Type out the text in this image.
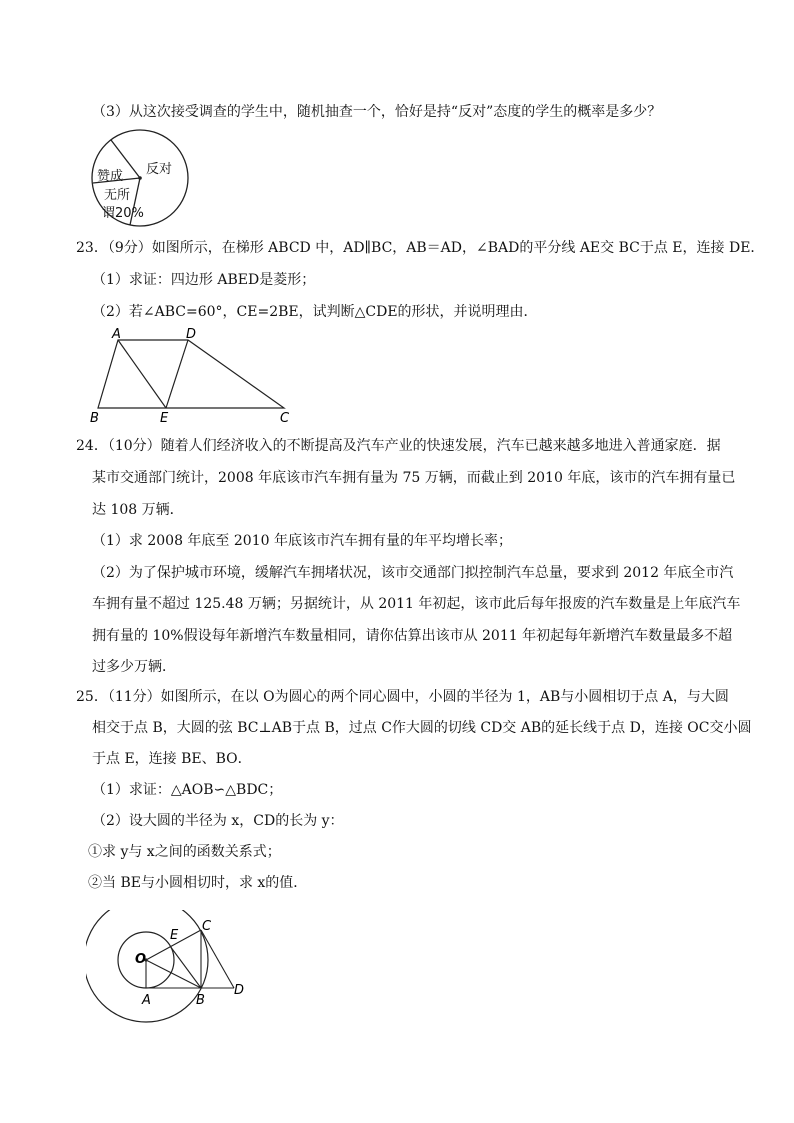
（3）从这次接受调查的学生中，随机抽查一个，恰好是持“反对”态度的学生的概率是多少？
反对
赞成
无所
谓20%
23．（9分）如图所示，在梯形 ABCD 中，AD∥BC，AB＝AD，∠BAD的平分线 AE交 BC于点 E，连接 DE．
（1）求证：四边形 ABED是菱形；
（2）若∠ABC=60°，CE=2BE，试判断△CDE的形状，并说明理由．
A	D
B	E	C
24．（10分）随着人们经济收入的不断提高及汽车产业的快速发展，汽车已越来越多地进入普通家庭．据
某市交通部门统计，2008 年底该市汽车拥有量为 75 万辆，而截止到 2010 年底，该市的汽车拥有量已
达 108 万辆．
（1）求 2008 年底至 2010 年底该市汽车拥有量的年平均增长率；
（2）为了保护城市环境，缓解汽车拥堵状况，该市交通部门拟控制汽车总量，要求到 2012 年底全市汽
车拥有量不超过 125.48 万辆；另据统计，从 2011 年初起，该市此后每年报废的汽车数量是上年底汽车
拥有量的 10%假设每年新增汽车数量相同，请你估算出该市从 2011 年初起每年新增汽车数量最多不超
过多少万辆．
25．（11分）如图所示，在以 O为圆心的两个同心圆中，小圆的半径为 1，AB与小圆相切于点 A，与大圆
相交于点 B，大圆的弦 BC⊥AB于点 B，过点 C作大圆的切线 CD交 AB的延长线于点 D，连接 OC交小圆
于点 E，连接 BE、BO．
（1）求证：△AOB∽△BDC；
（2）设大圆的半径为 x，CD的长为 y：
①求 y与 x之间的函数关系式；
②当 BE与小圆相切时，求 x的值．
O
E
C
A	B
D
